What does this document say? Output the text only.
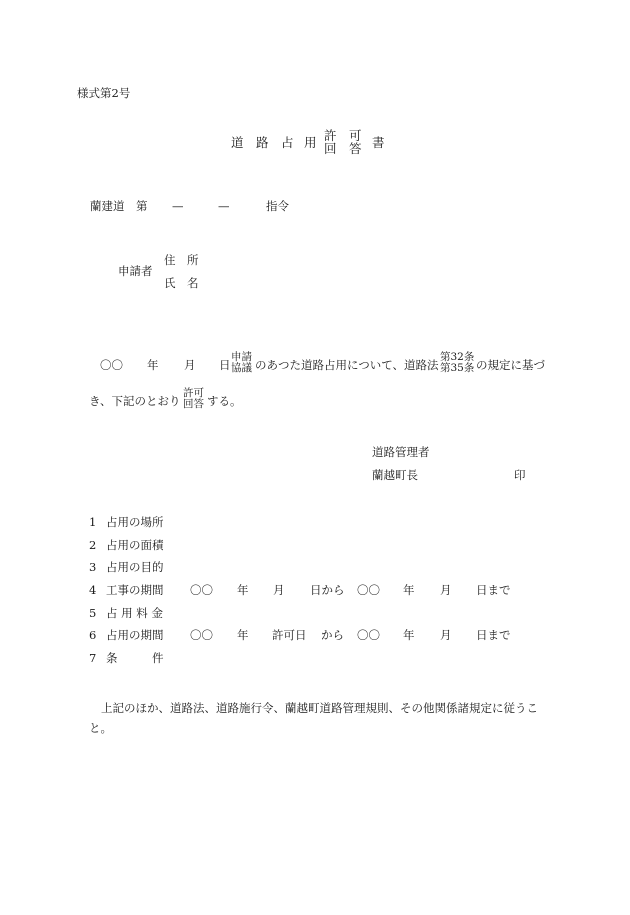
様式第2号
道 路 占 用 許
回
可
答 書
蘭建道 第 —	—	指令
申請者
住　所
氏　名
〇〇 年 月 日
申請
協議 のあつた道路占用について、道路法
第32条
第35条 の規定に基づ
き、下記のとおり
許可
回答 する。
道路管理者
蘭越町長	印
1 占用の場所
2 占用の面積
3 占用の目的
4 工事の期間 〇〇 年 月 日から 〇〇 年 月 日まで
5 占 用 料 金
6 占用の期間 〇〇 年 許可日 から 〇〇 年 月 日まで
7 条　　　件
上記のほか、道路法、道路施行令、蘭越町道路管理規則、その他関係諸規定に従うこ
と。
